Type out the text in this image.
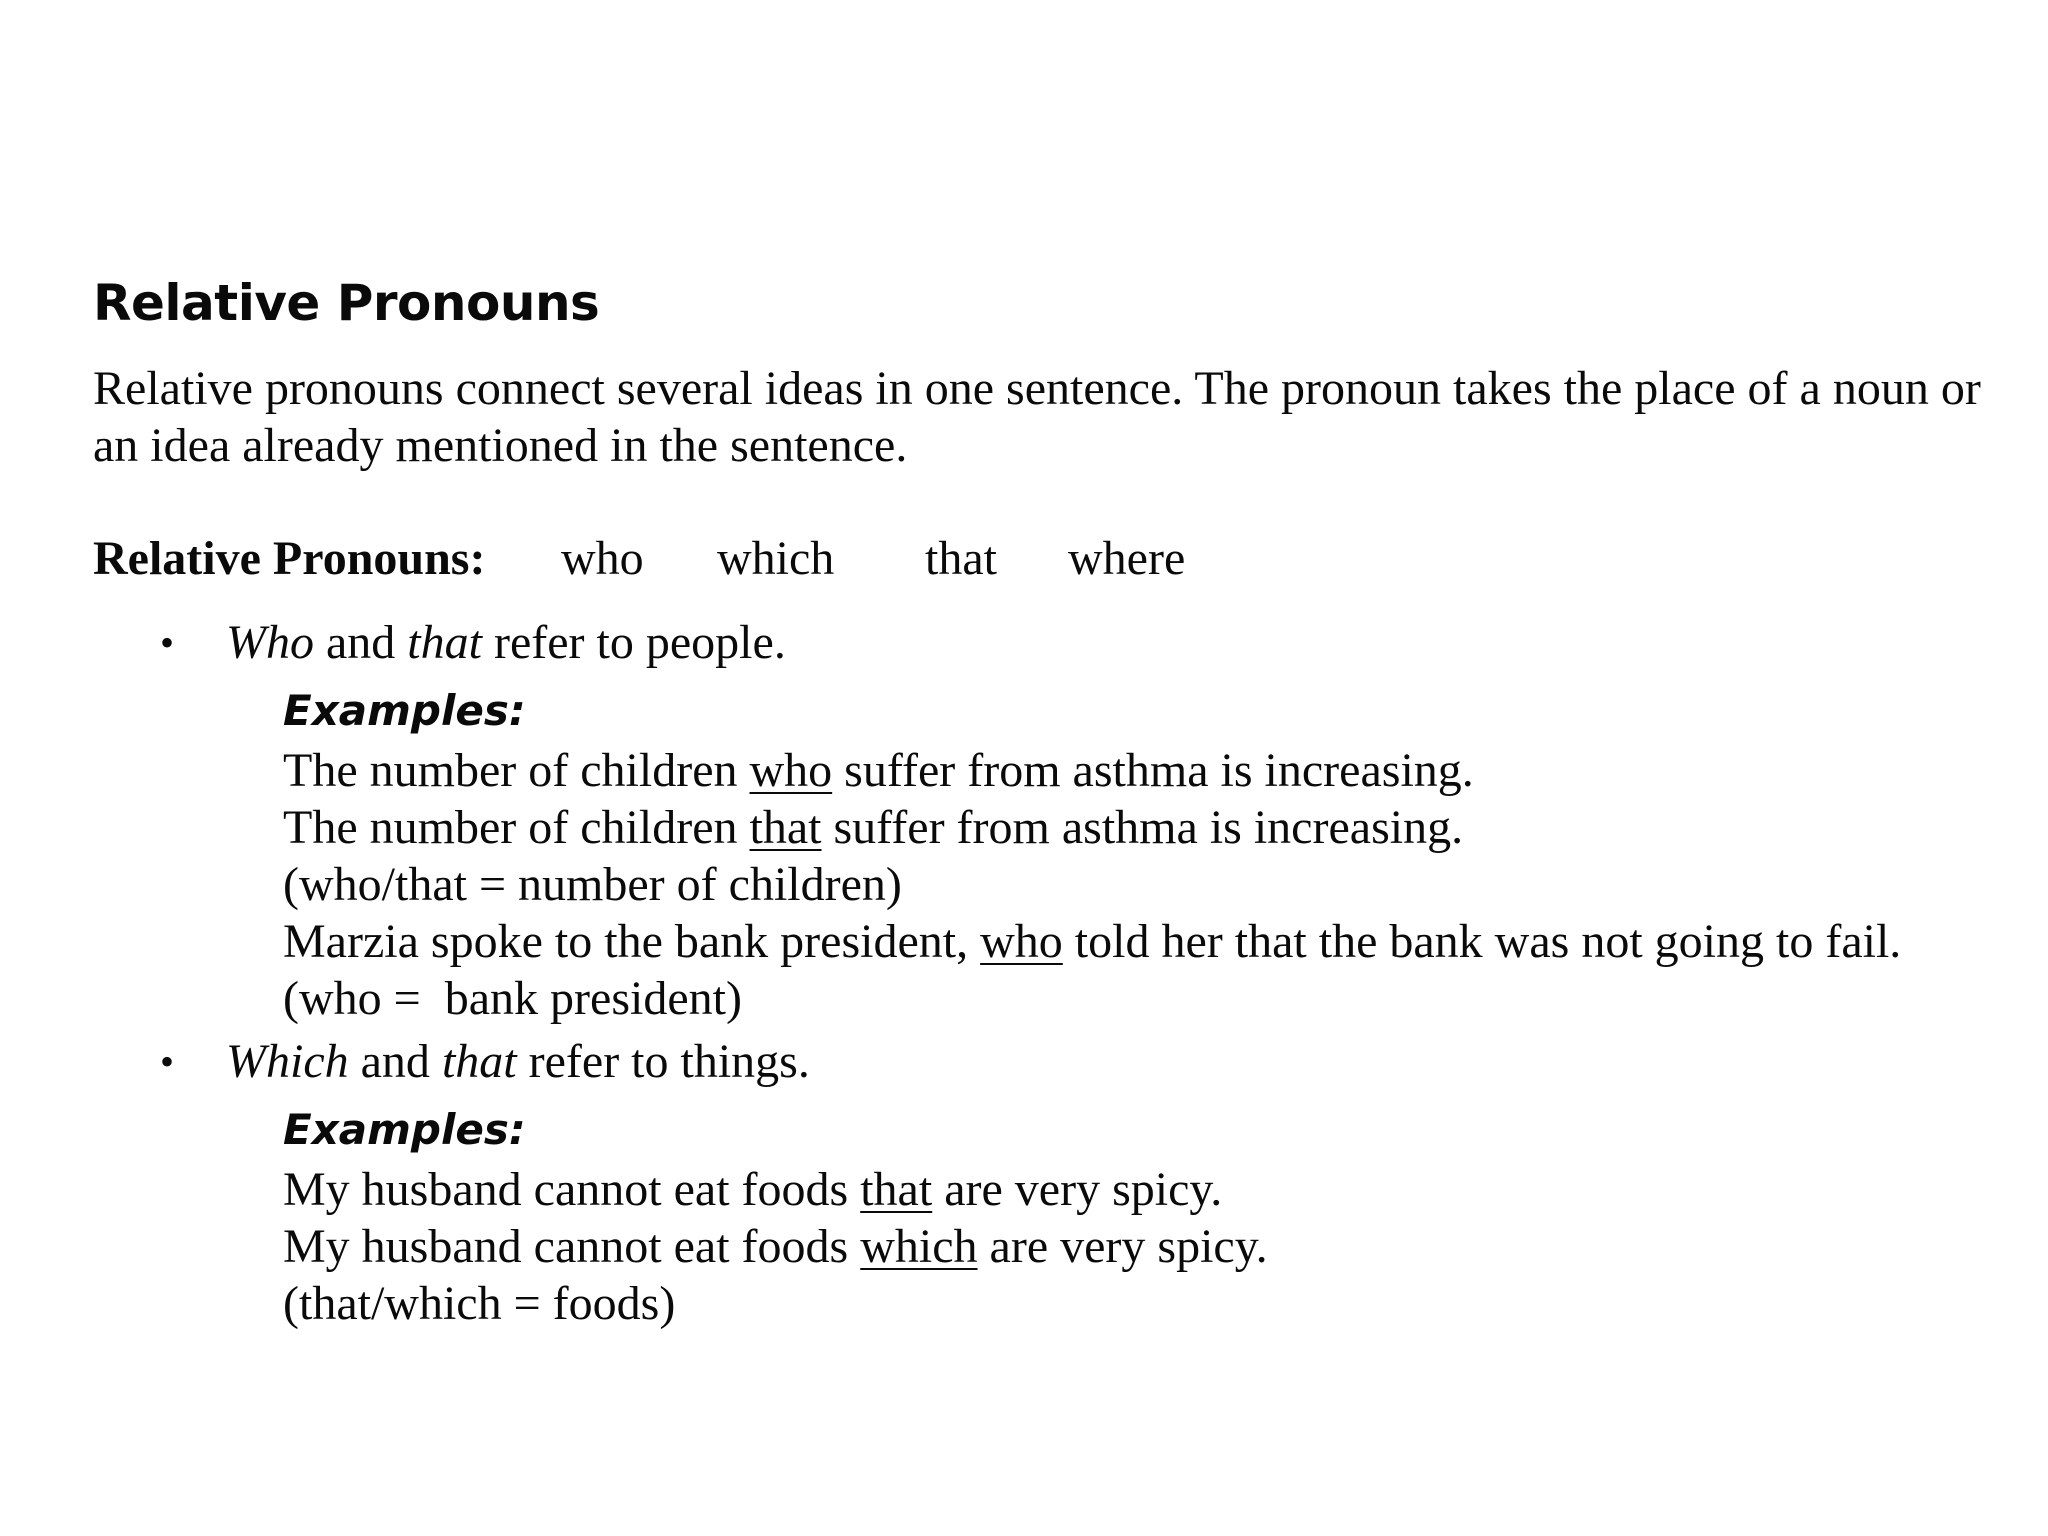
Relative Pronouns

Relative pronouns connect several ideas in one sentence. The pronoun takes the place of a noun or
an idea already mentioned in the sentence.

Relative Pronouns: who which that where
• Who and that refer to people.
Examples:
The number of children who suffer from asthma is increasing.
The number of children that suffer from asthma is increasing.
(who/that = number of children)
Marzia spoke to the bank president, who told her that the bank was not going to fail.
(who =  bank president)
• Which and that refer to things.
Examples:
My husband cannot eat foods that are very spicy.
My husband cannot eat foods which are very spicy.
(that/which = foods)
